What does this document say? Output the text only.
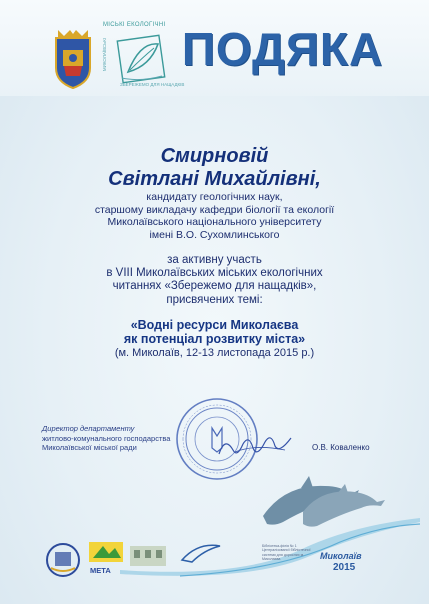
МІСЬКІ ЕКОЛОГІЧНІ
МИКОЛАЇВСЬКІ
ЗБЕРЕЖЕМО ДЛЯ НАЩАДКІВ
ПОДЯКА
Смирновій
Світлані Михайлівні,
кандидату геологічних наук,
старшому викладачу кафедри біології та екології
Миколаївського національного університету
імені В.О. Сухомлинського
за активну участь
в VIII Миколаївських міських екологічних
читаннях «Збережемо для нащадків»,
присвячених темі:
«Водні ресурси Миколаєва
як потенціал розвитку міста»
(м. Миколаїв, 12-13 листопада 2015 р.)
Директор департаменту
житлово-комунального господарства
Миколаївської міської ради	О.В. Коваленко
МЕТА
Бібліотека-філія № 1 Централізованої бібліотечної системи для дорослих м. Миколаєва	Миколаїв
2015
